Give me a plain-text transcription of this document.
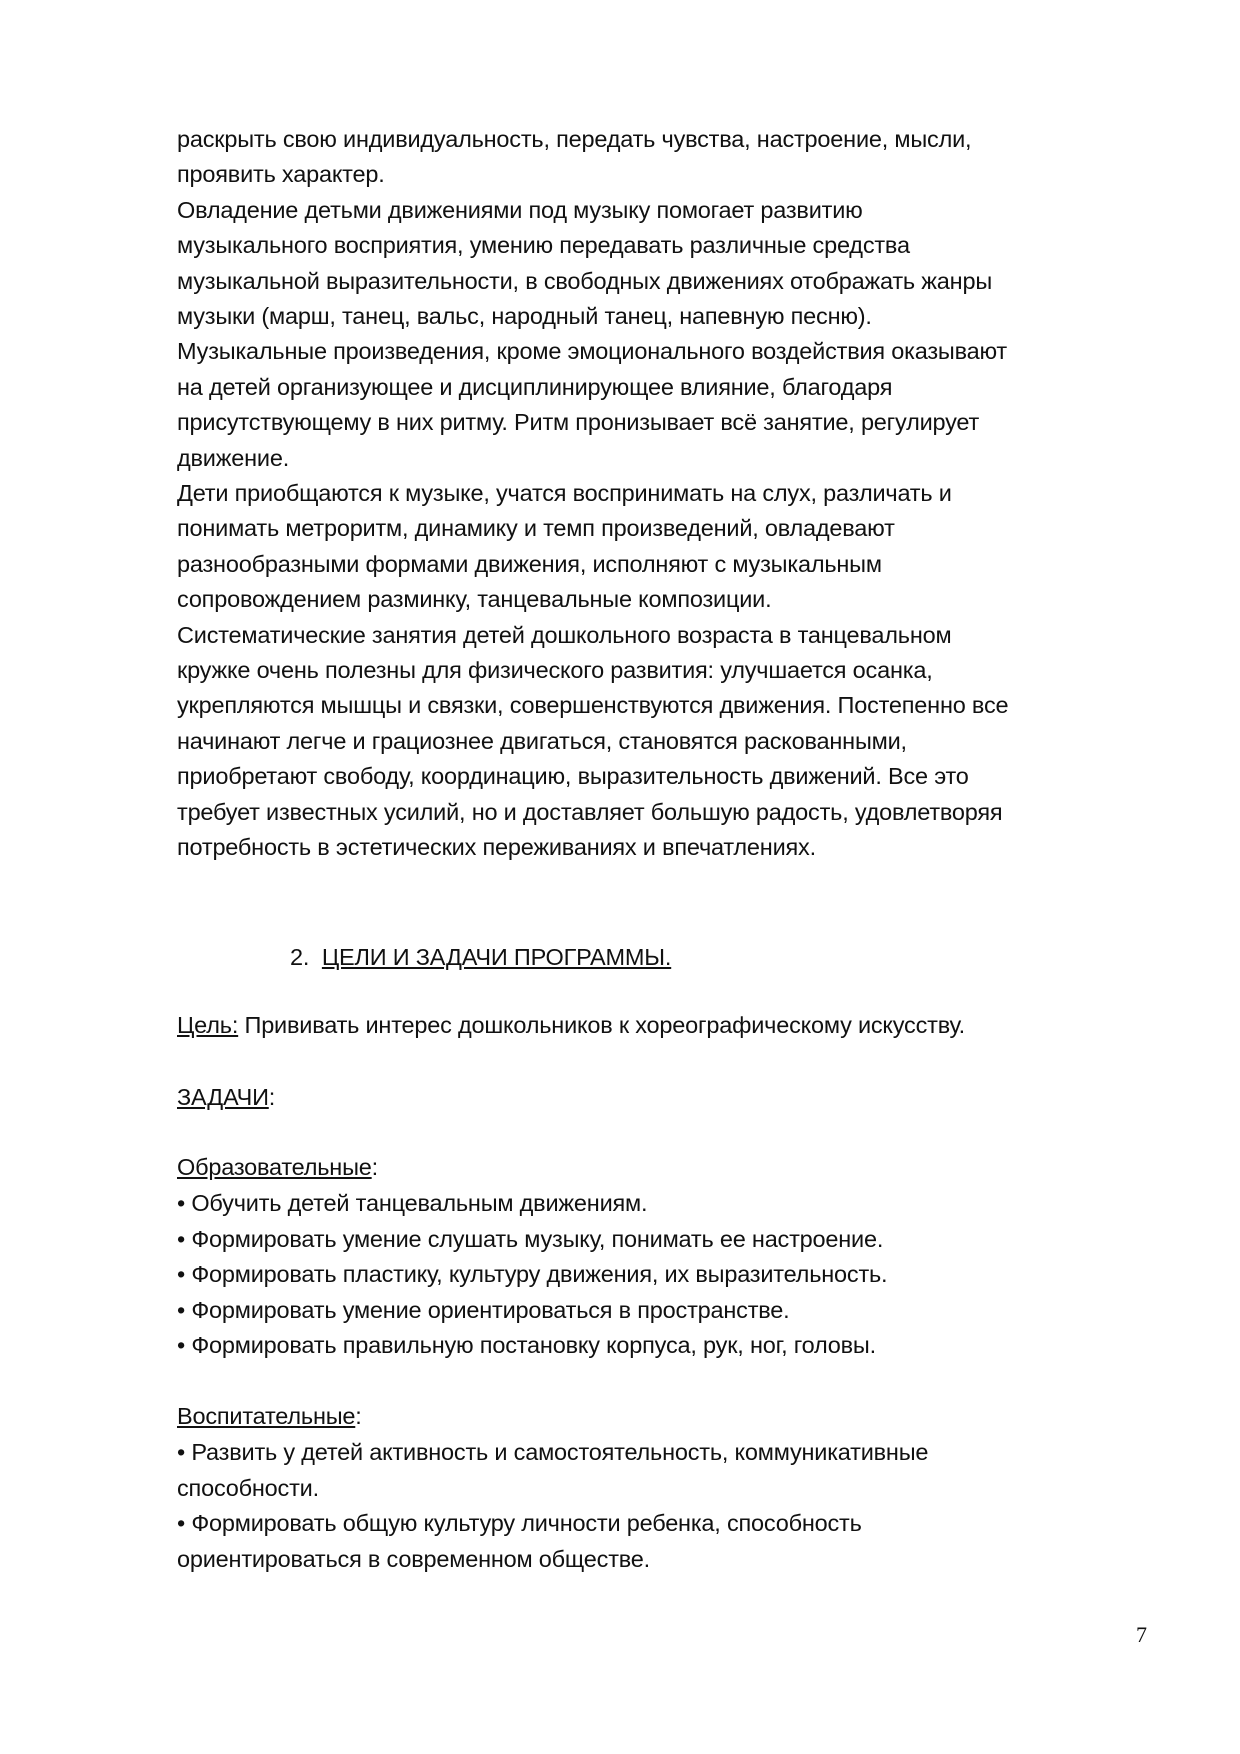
раскрыть свою индивидуальность, передать чувства, настроение, мысли,
проявить характер.
Овладение детьми движениями под музыку помогает развитию
музыкального восприятия, умению передавать различные средства
музыкальной выразительности, в свободных движениях отображать жанры
музыки (марш, танец, вальс, народный танец, напевную песню).
Музыкальные произведения, кроме эмоционального воздействия оказывают
на детей организующее и дисциплинирующее влияние, благодаря
присутствующему в них ритму. Ритм пронизывает всё занятие, регулирует
движение.
Дети приобщаются к музыке, учатся воспринимать на слух, различать и
понимать метроритм, динамику и темп произведений, овладевают
разнообразными формами движения, исполняют с музыкальным
сопровождением разминку, танцевальные композиции.
Систематические занятия детей дошкольного возраста в танцевальном
кружке очень полезны для физического развития: улучшается осанка,
укрепляются мышцы и связки, совершенствуются движения. Постепенно все
начинают легче и грациознее двигаться, становятся раскованными,
приобретают свободу, координацию, выразительность движений. Все это
требует известных усилий, но и доставляет большую радость, удовлетворяя
потребность в эстетических переживаниях и впечатлениях.
2. ЦЕЛИ И ЗАДАЧИ ПРОГРАММЫ.
Цель: Прививать интерес дошкольников к хореографическому искусству.
ЗАДАЧИ:
Образовательные:
• Обучить детей танцевальным движениям.
• Формировать умение слушать музыку, понимать ее настроение.
• Формировать пластику, культуру движения, их выразительность.
• Формировать умение ориентироваться в пространстве.
• Формировать правильную постановку корпуса, рук, ног, головы.
Воспитательные:
• Развить у детей активность и самостоятельность, коммуникативные
способности.
• Формировать общую культуру личности ребенка, способность
ориентироваться в современном обществе.
7
